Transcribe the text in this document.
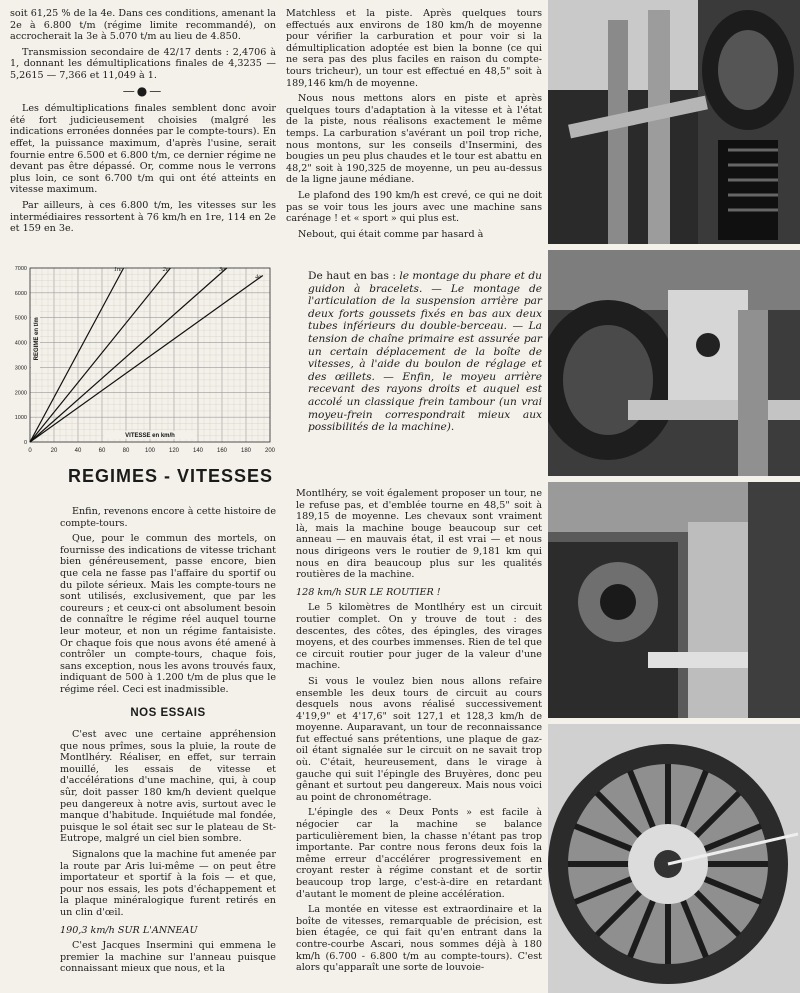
soit 61,25 % de la 4e. Dans ces conditions, amenant la 2e à 6.800 t/m (régime limite recommandé), on accrocherait la 3e à 5.070 t/m au lieu de 4.850.

Transmission secondaire de 42/17 dents : 2,4706 à 1, donnant les démultiplications finales de 4,3235 — 5,2615 — 7,366 et 11,049 à 1.

—●—

Les démultiplications finales semblent donc avoir été fort judicieusement choisies (malgré les indications erronées données par le compte-tours). En effet, la puissance maximum, d'après l'usine, serait fournie entre 6.500 et 6.800 t/m, ce dernier régime ne devant pas être dépassé. Or, comme nous le verrons plus loin, ce sont 6.700 t/m qui ont été atteints en vitesse maximum.

Par ailleurs, à ces 6.800 t/m, les vitesses sur les intermédiaires ressortent à 76 km/h en 1re, 114 en 2e et 159 en 3e.

Matchless et la piste. Après quelques tours effectués aux environs de 180 km/h de moyenne pour vérifier la carburation et pour voir si la démultiplication adoptée est bien la bonne (ce qui ne sera pas des plus faciles en raison du compte-tours tricheur), un tour est effectué en 48,5" soit à 189,146 km/h de moyenne.

Nous nous mettons alors en piste et après quelques tours d'adaptation à la vitesse et à l'état de la piste, nous réalisons exactement le même temps. La carburation s'avérant un poil trop riche, nous montons, sur les conseils d'Insermini, des bougies un peu plus chaudes et le tour est abattu en 48,2" soit à 190,325 de moyenne, un peu au-dessus de la ligne jaune médiane.

Le plafond des 190 km/h est crevé, ce qui ne doit pas se voir tous les jours avec une machine sans carénage ! et « sport » qui plus est.

Nebout, qui était comme par hasard à

0	20	40	60	80	100 120 140 160 180 200
0
1000
2000
3000
4000
5000
6000
7000	1re	2e	3e
4e
VITESSE en km/h
REGIME en t/m
De haut en bas : le montage du phare et du guidon à bracelets. — Le montage de l'articulation de la suspension arrière par deux forts goussets fixés en bas aux deux tubes inférieurs du double-berceau. — La tension de chaîne primaire est assurée par un certain déplacement de la boîte de vitesses, à l'aide du boulon de réglage et des œillets. — Enfin, le moyeu arrière recevant des rayons droits et auquel est accolé un classique frein tambour (un vrai moyeu-frein correspondrait mieux aux possibilités de la machine).
REGIMES - VITESSES

Enfin, revenons encore à cette histoire de compte-tours.

Que, pour le commun des mortels, on fournisse des indications de vitesse trichant bien généreusement, passe encore, bien que cela ne fasse pas l'affaire du sportif ou du pilote sérieux. Mais les compte-tours ne sont utilisés, exclusivement, que par les coureurs ; et ceux-ci ont absolument besoin de connaître le régime réel auquel tourne leur moteur, et non un régime fantaisiste. Or chaque fois que nous avons été amené à contrôler un compte-tours, chaque fois, sans exception, nous les avons trouvés faux, indiquant de 500 à 1.200 t/m de plus que le régime réel. Ceci est inadmissible.

NOS ESSAIS

C'est avec une certaine appréhension que nous prîmes, sous la pluie, la route de Montlhéry. Réaliser, en effet, sur terrain mouillé, les essais de vitesse et d'accélérations d'une machine, qui, à coup sûr, doit passer 180 km/h devient quelque peu dangereux à notre avis, surtout avec le manque d'habitude. Inquiétude mal fondée, puisque le sol était sec sur le plateau de St-Eutrope, malgré un ciel bien sombre.

Signalons que la machine fut amenée par la route par Aris lui-même — on peut être importateur et sportif à la fois — et que, pour nos essais, les pots d'échappement et la plaque minéralogique furent retirés en un clin d'œil.

190,3 km/h SUR L'ANNEAU

C'est Jacques Insermini qui emmena le premier la machine sur l'anneau puisque connaissant mieux que nous, et la

Montlhéry, se voit également proposer un tour, ne le refuse pas, et d'emblée tourne en 48,5" soit à 189,15 de moyenne. Les chevaux sont vraiment là, mais la machine bouge beaucoup sur cet anneau — en mauvais état, il est vrai — et nous nous dirigeons vers le routier de 9,181 km qui nous en dira beaucoup plus sur les qualités routières de la machine.

128 km/h SUR LE ROUTIER !

Le 5 kilomètres de Montlhéry est un circuit routier complet. On y trouve de tout : des descentes, des côtes, des épingles, des virages moyens, et des courbes immenses. Rien de tel que ce circuit routier pour juger de la valeur d'une machine.

Si vous le voulez bien nous allons refaire ensemble les deux tours de circuit au cours desquels nous avons réalisé successivement 4'19,9" et 4'17,6" soit 127,1 et 128,3 km/h de moyenne. Auparavant, un tour de reconnaissance fut effectué sans prétentions, une plaque de gaz-oil étant signalée sur le circuit on ne savait trop où. C'était, heureusement, dans le virage à gauche qui suit l'épingle des Bruyères, donc peu gênant et surtout peu dangereux. Mais nous voici au point de chronométrage.

L'épingle des « Deux Ponts » est facile à négocier car la machine se balance particulièrement bien, la chasse n'étant pas trop importante. Par contre nous ferons deux fois la même erreur d'accélérer progressivement en croyant rester à régime constant et de sortir beaucoup trop large, c'est-à-dire en retardant d'autant le moment de pleine accélération.

La montée en vitesse est extraordinaire et la boîte de vitesses, remarquable de précision, est bien étagée, ce qui fait qu'en entrant dans la contre-courbe Ascari, nous sommes déjà à 180 km/h (6.700 - 6.800 t/m au compte-tours). C'est alors qu'apparaît une sorte de louvoie-
